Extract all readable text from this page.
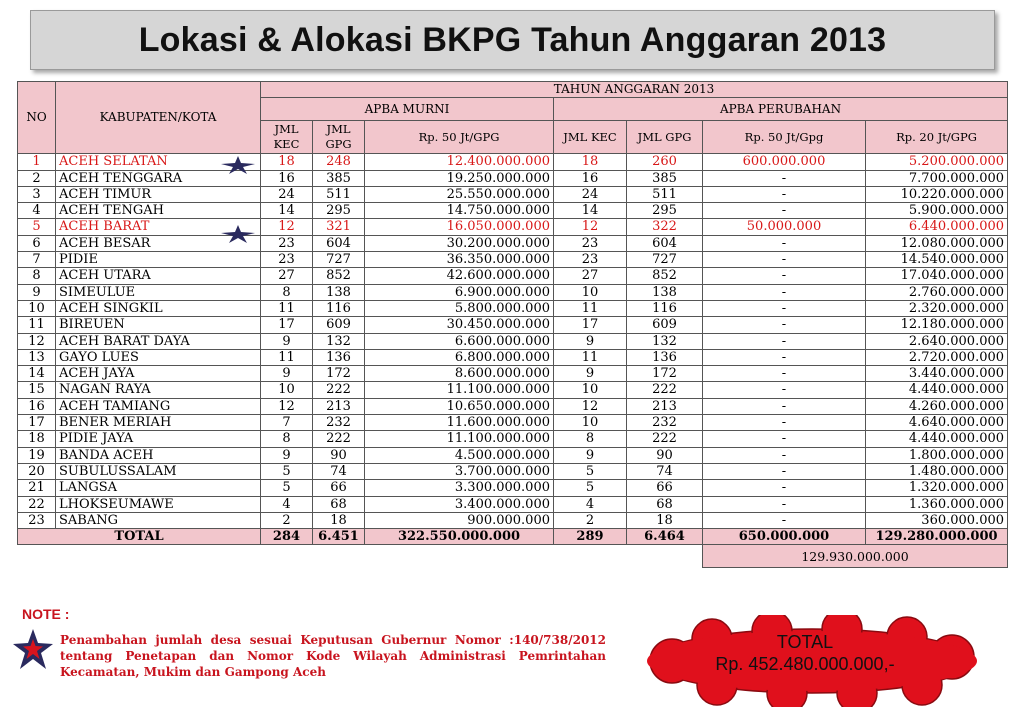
Lokasi & Alokasi BKPG Tahun Anggaran 2013
NO	KABUPATEN/KOTA	TAHUN ANGGARAN 2013						
		APBA MURNI			APBA PERUBAHAN			
		JML KEC	JML GPG	Rp. 50 Jt/GPG	JML KEC	JML GPG	Rp. 50 Jt/Gpg	Rp. 20 Jt/GPG
1	ACEH SELATAN	18	248	12.400.000.000	18	260	600.000.000	5.200.000.000
2	ACEH TENGGARA	16	385	19.250.000.000	16	385	-	7.700.000.000
3	ACEH TIMUR	24	511	25.550.000.000	24	511	-	10.220.000.000
4	ACEH TENGAH	14	295	14.750.000.000	14	295	-	5.900.000.000
5	ACEH BARAT	12	321	16.050.000.000	12	322	50.000.000	6.440.000.000
6	ACEH BESAR	23	604	30.200.000.000	23	604	-	12.080.000.000
7	PIDIE	23	727	36.350.000.000	23	727	-	14.540.000.000
8	ACEH UTARA	27	852	42.600.000.000	27	852	-	17.040.000.000
9	SIMEULUE	8	138	6.900.000.000	10	138	-	2.760.000.000
10	ACEH SINGKIL	11	116	5.800.000.000	11	116	-	2.320.000.000
11	BIREUEN	17	609	30.450.000.000	17	609	-	12.180.000.000
12	ACEH BARAT DAYA	9	132	6.600.000.000	9	132	-	2.640.000.000
13	GAYO LUES	11	136	6.800.000.000	11	136	-	2.720.000.000
14	ACEH JAYA	9	172	8.600.000.000	9	172	-	3.440.000.000
15	NAGAN RAYA	10	222	11.100.000.000	10	222	-	4.440.000.000
16	ACEH TAMIANG	12	213	10.650.000.000	12	213	-	4.260.000.000
17	BENER MERIAH	7	232	11.600.000.000	10	232	-	4.640.000.000
18	PIDIE JAYA	8	222	11.100.000.000	8	222	-	4.440.000.000
19	BANDA ACEH	9	90	4.500.000.000	9	90	-	1.800.000.000
20	SUBULUSSALAM	5	74	3.700.000.000	5	74	-	1.480.000.000
21	LANGSA	5	66	3.300.000.000	5	66	-	1.320.000.000
22	LHOKSEUMAWE	4	68	3.400.000.000	4	68	-	1.360.000.000
23	SABANG	2	18	900.000.000	2	18	-	360.000.000
TOTAL		284	6.451	322.550.000.000	289	6.464	650.000.000	129.280.000.000
							129.930.000.000	
NOTE :
Penambahan jumlah desa sesuai Keputusan Gubernur Nomor :140/738/2012 tentang Penetapan dan Nomor Kode Wilayah Administrasi Pemrintahan Kecamatan, Mukim dan Gampong Aceh
TOTAL
Rp. 452.480.000.000,-
